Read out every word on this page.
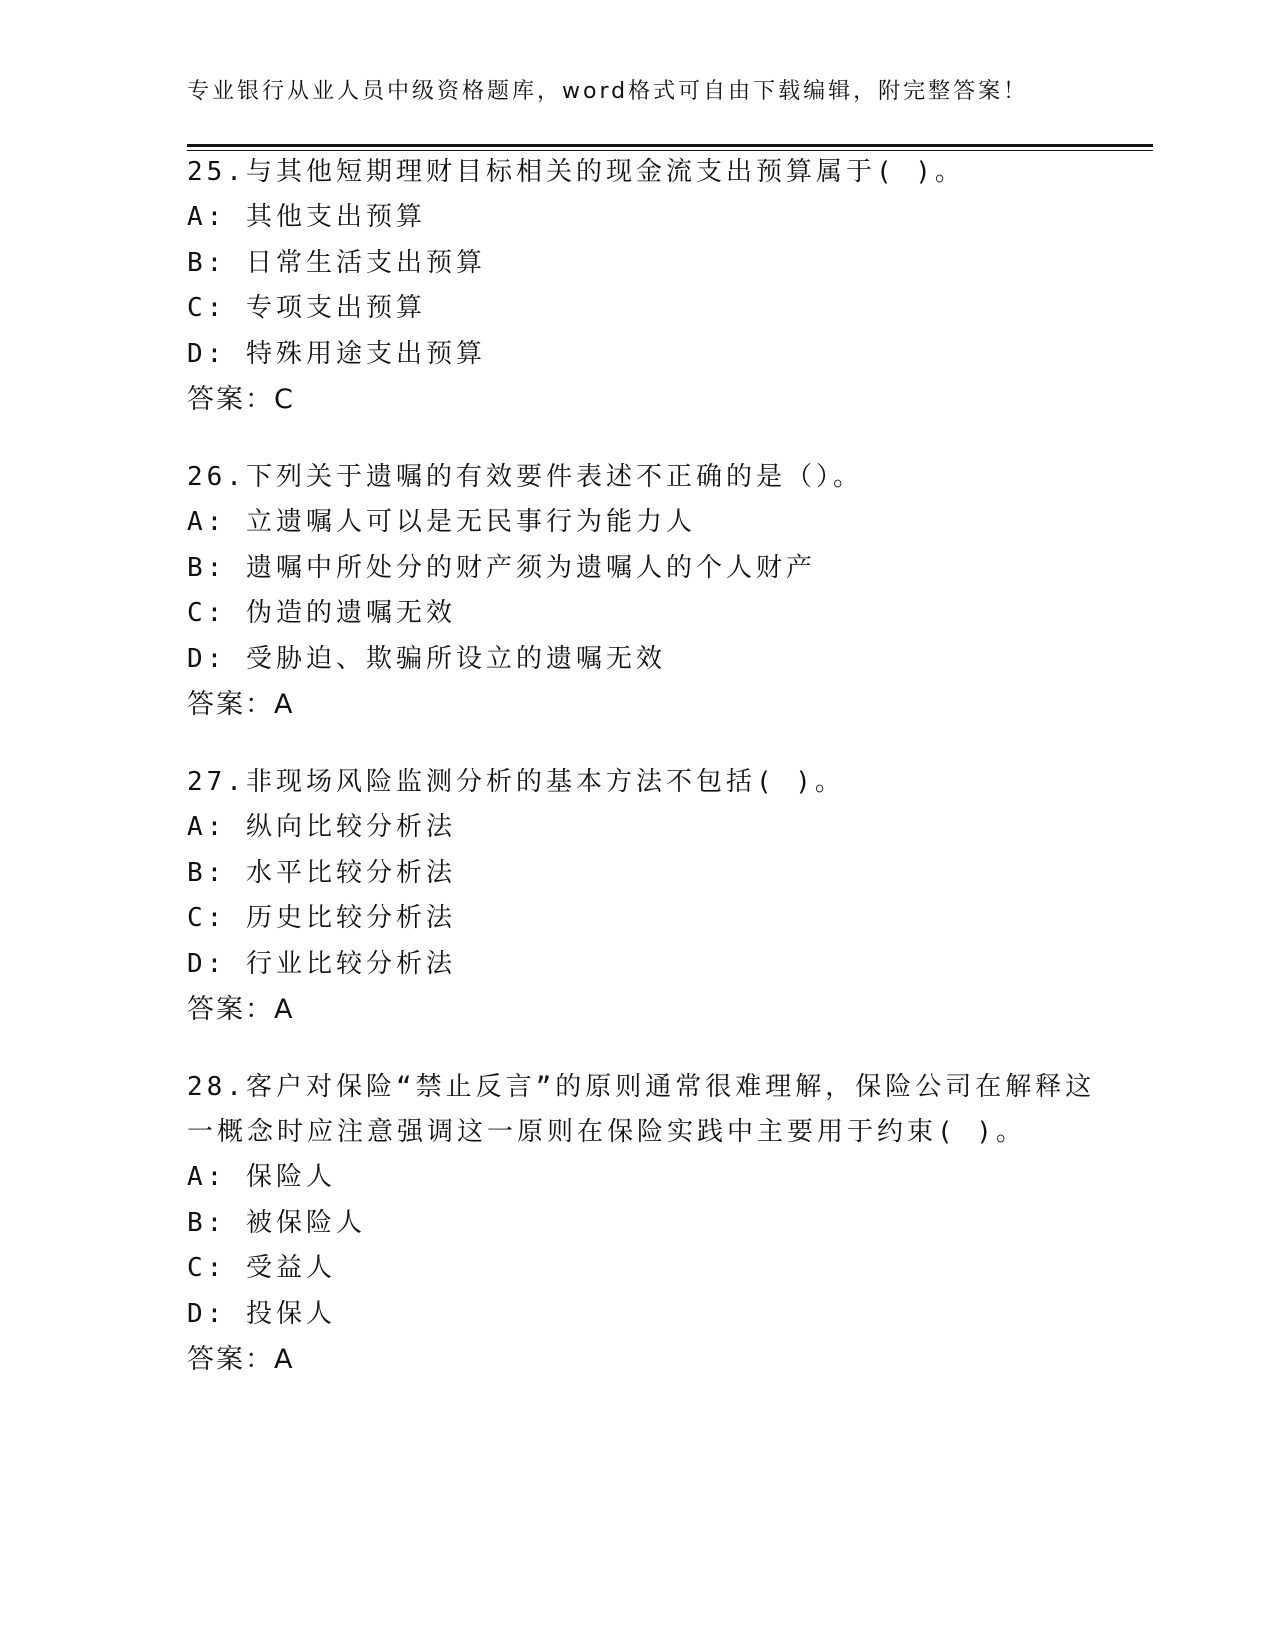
专业银行从业人员中级资格题库，word格式可自由下载编辑，附完整答案！
25.与其他短期理财目标相关的现金流支出预算属于( )。
A: 其他支出预算
B: 日常生活支出预算
C: 专项支出预算
D: 特殊用途支出预算
答案：C
26.下列关于遗嘱的有效要件表述不正确的是（）。
A: 立遗嘱人可以是无民事行为能力人
B: 遗嘱中所处分的财产须为遗嘱人的个人财产
C: 伪造的遗嘱无效
D: 受胁迫、欺骗所设立的遗嘱无效
答案：A
27.非现场风险监测分析的基本方法不包括( )。
A: 纵向比较分析法
B: 水平比较分析法
C: 历史比较分析法
D: 行业比较分析法
答案：A
28.客户对保险“禁止反言”的原则通常很难理解，保险公司在解释这
一概念时应注意强调这一原则在保险实践中主要用于约束( )。
A: 保险人
B: 被保险人
C: 受益人
D: 投保人
答案：A
